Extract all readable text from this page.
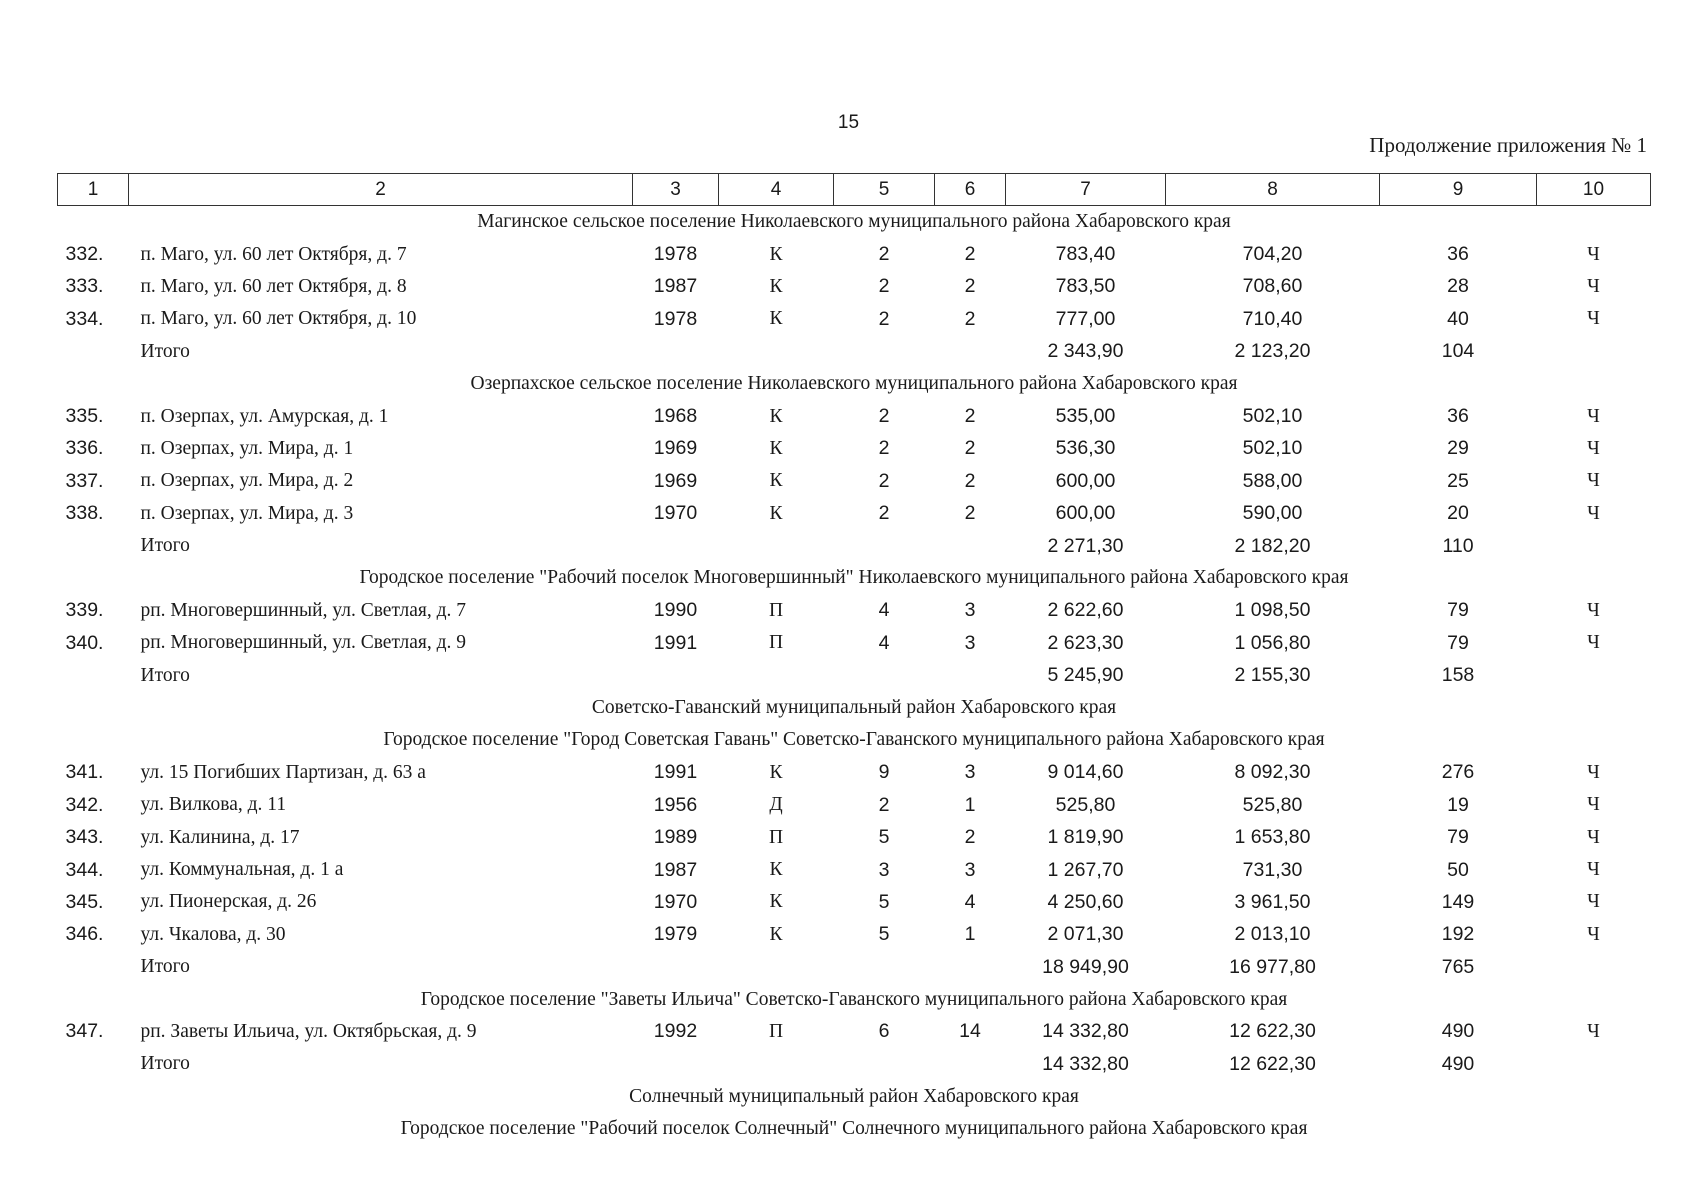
15
Продолжение приложения № 1
1	2	3	4	5	6	7	8	9	10
Магинское сельское поселение Николаевского муниципального района Хабаровского края									
332.	п. Маго, ул. 60 лет Октября, д. 7	1978	К	2	2	783,40	704,20	36	Ч
333.	п. Маго, ул. 60 лет Октября, д. 8	1987	К	2	2	783,50	708,60	28	Ч
334.	п. Маго, ул. 60 лет Октября, д. 10	1978	К	2	2	777,00	710,40	40	Ч
	Итого					2 343,90	2 123,20	104	
Озерпахское сельское поселение Николаевского муниципального района Хабаровского края									
335.	п. Озерпах, ул. Амурская, д. 1	1968	К	2	2	535,00	502,10	36	Ч
336.	п. Озерпах, ул. Мира, д. 1	1969	К	2	2	536,30	502,10	29	Ч
337.	п. Озерпах, ул. Мира, д. 2	1969	К	2	2	600,00	588,00	25	Ч
338.	п. Озерпах, ул. Мира, д. 3	1970	К	2	2	600,00	590,00	20	Ч
	Итого					2 271,30	2 182,20	110	
Городское поселение "Рабочий поселок Многовершинный" Николаевского муниципального района Хабаровского края									
339.	рп. Многовершинный, ул. Светлая, д. 7	1990	П	4	3	2 622,60	1 098,50	79	Ч
340.	рп. Многовершинный, ул. Светлая, д. 9	1991	П	4	3	2 623,30	1 056,80	79	Ч
	Итого					5 245,90	2 155,30	158	
Советско-Гаванский муниципальный район Хабаровского края									
Городское поселение "Город Советская Гавань" Советско-Гаванского муниципального района Хабаровского края									
341.	ул. 15 Погибших Партизан, д. 63 а	1991	К	9	3	9 014,60	8 092,30	276	Ч
342.	ул. Вилкова, д. 11	1956	Д	2	1	525,80	525,80	19	Ч
343.	ул. Калинина, д. 17	1989	П	5	2	1 819,90	1 653,80	79	Ч
344.	ул. Коммунальная, д. 1 а	1987	К	3	3	1 267,70	731,30	50	Ч
345.	ул. Пионерская, д. 26	1970	К	5	4	4 250,60	3 961,50	149	Ч
346.	ул. Чкалова, д. 30	1979	К	5	1	2 071,30	2 013,10	192	Ч
	Итого					18 949,90	16 977,80	765	
Городское поселение "Заветы Ильича" Советско-Гаванского муниципального района Хабаровского края									
347.	рп. Заветы Ильича, ул. Октябрьская, д. 9	1992	П	6	14	14 332,80	12 622,30	490	Ч
	Итого					14 332,80	12 622,30	490	
Солнечный муниципальный район Хабаровского края									
Городское поселение "Рабочий поселок Солнечный" Солнечного муниципального района Хабаровского края									
